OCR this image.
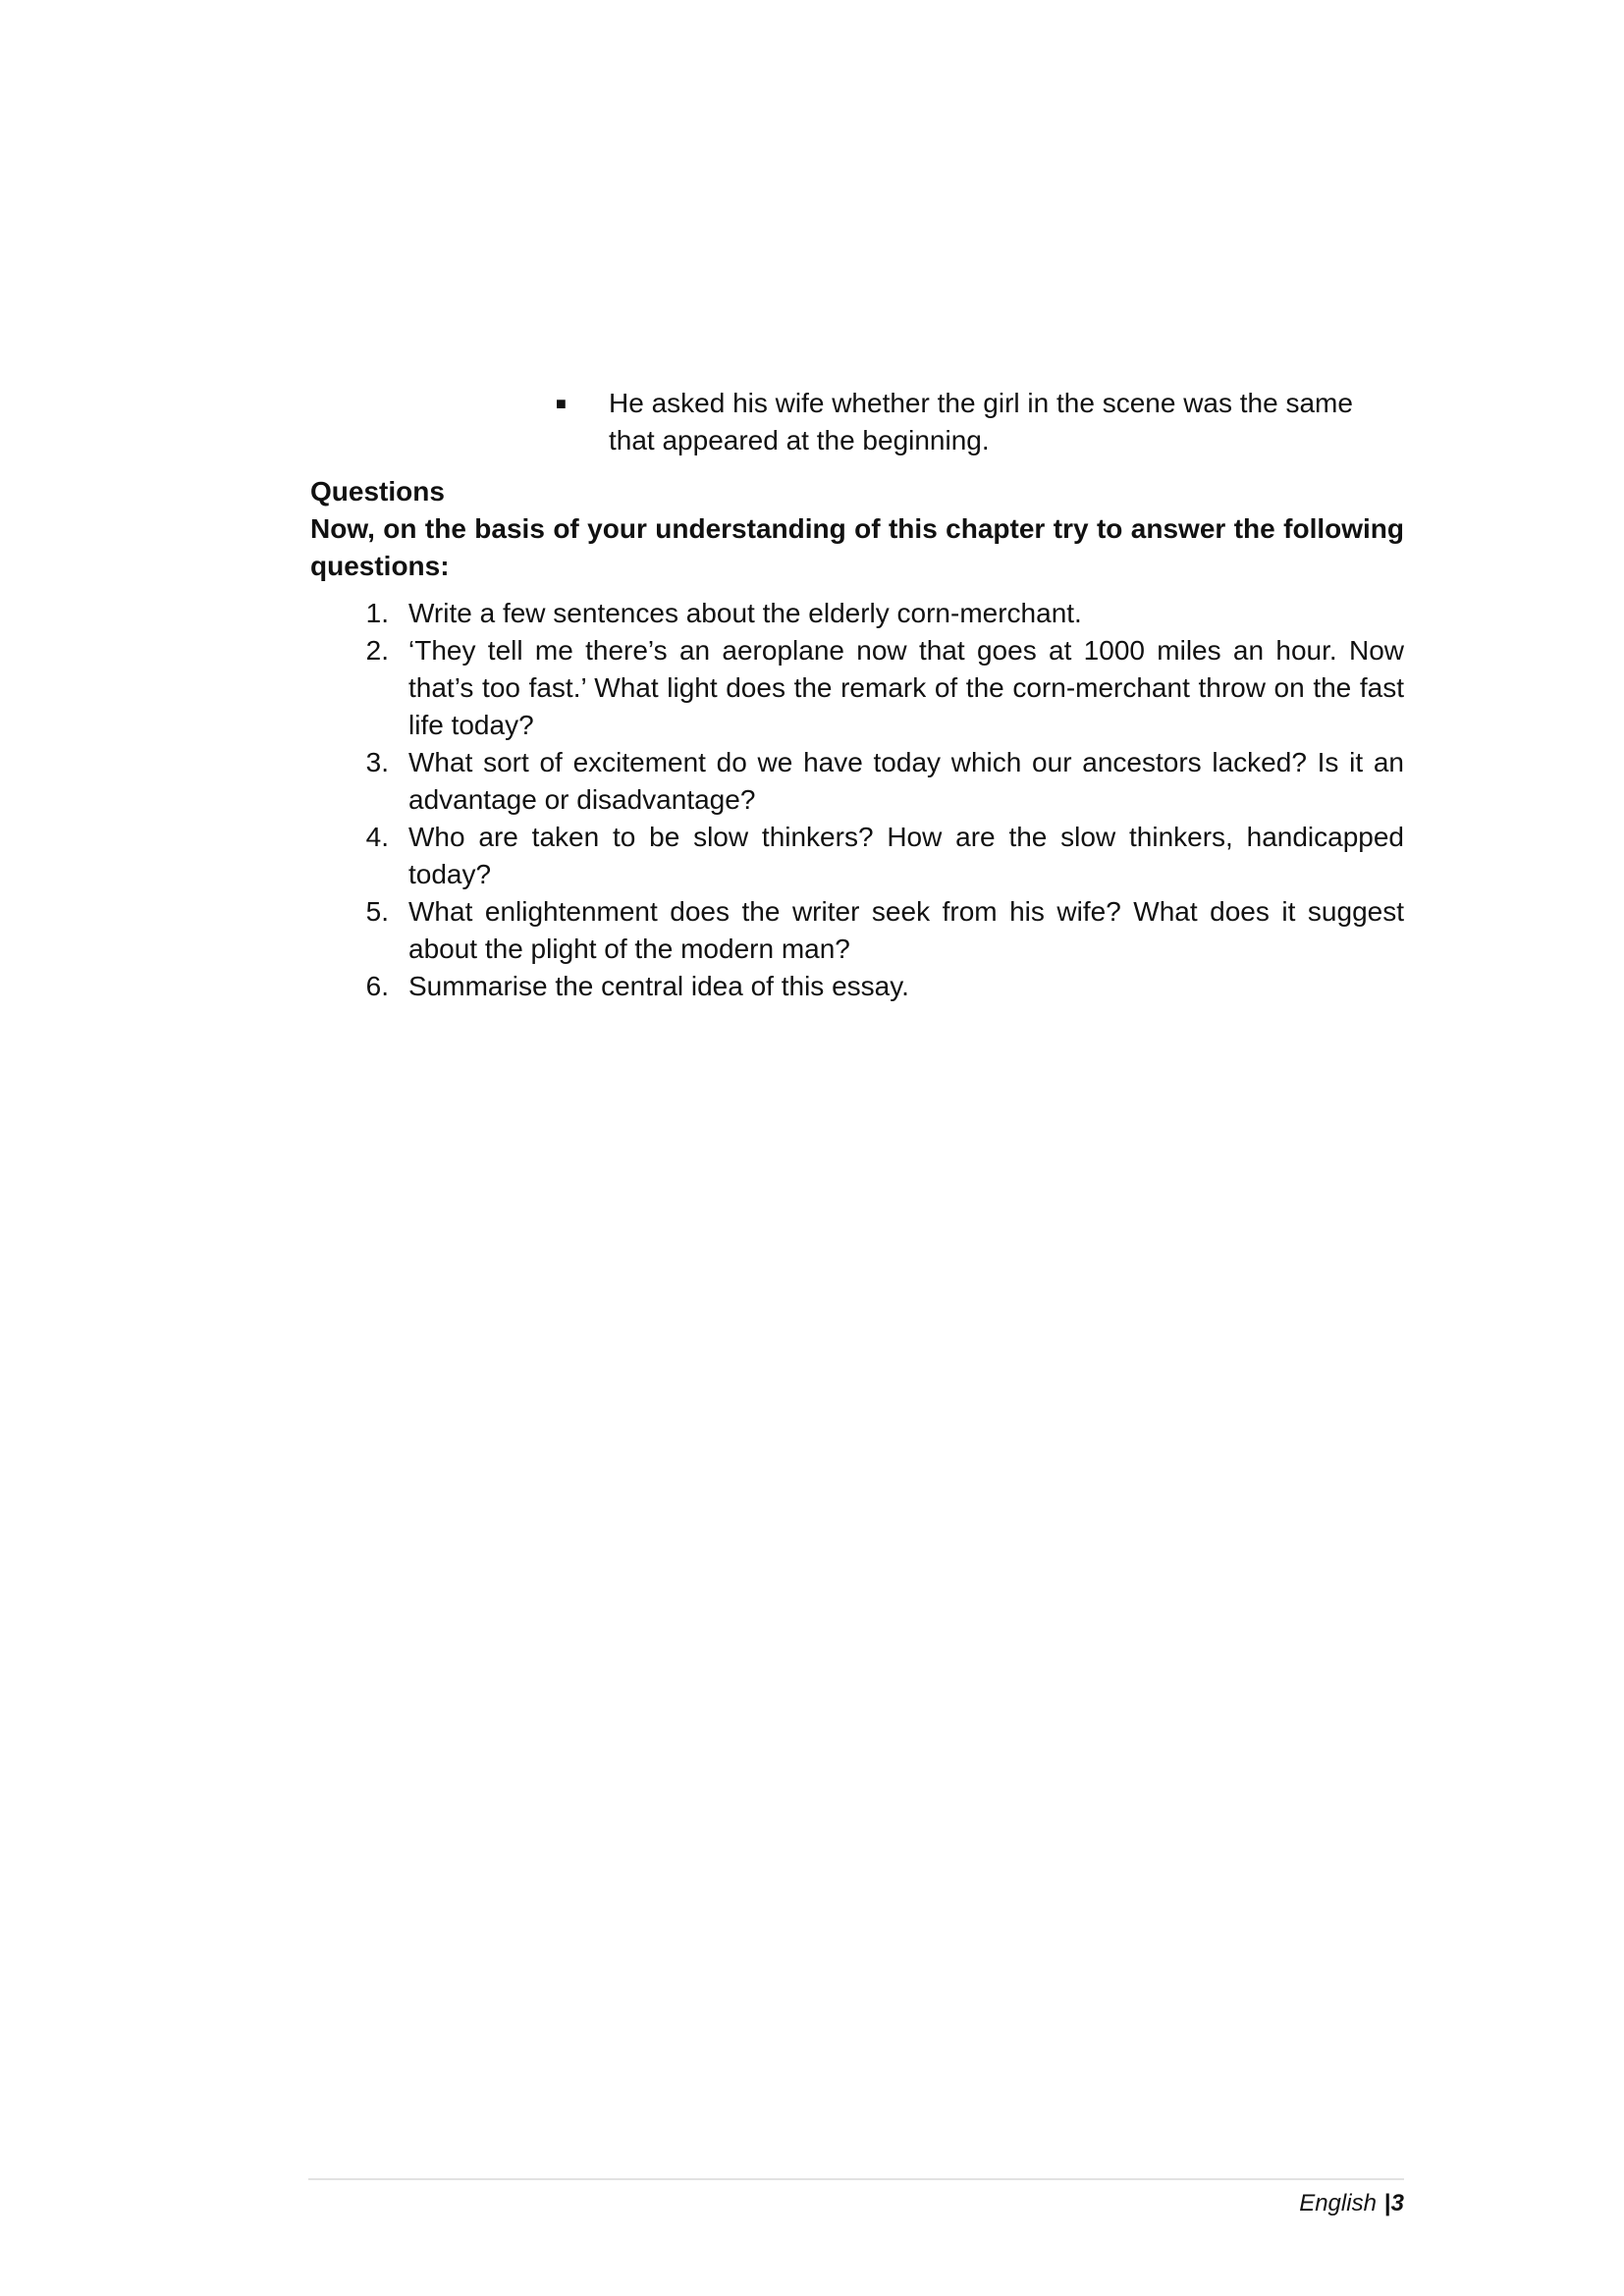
■	He asked his wife whether the girl in the scene was the same that appeared at the beginning.

Questions

Now, on the basis of your understanding of this chapter try to answer the following questions:

1. Write a few sentences about the elderly corn-merchant.
2. ‘They tell me there’s an aeroplane now that goes at 1000 miles an hour. Now that’s too fast.’ What light does the remark of the corn-merchant throw on the fast life today?
3. What sort of excitement do we have today which our ancestors lacked? Is it an advantage or disadvantage?
4. Who are taken to be slow thinkers? How are the slow thinkers, handicapped today?
5. What enlightenment does the writer seek from his wife? What does it suggest about the plight of the modern man?
6. Summarise the central idea of this essay.
English |3
